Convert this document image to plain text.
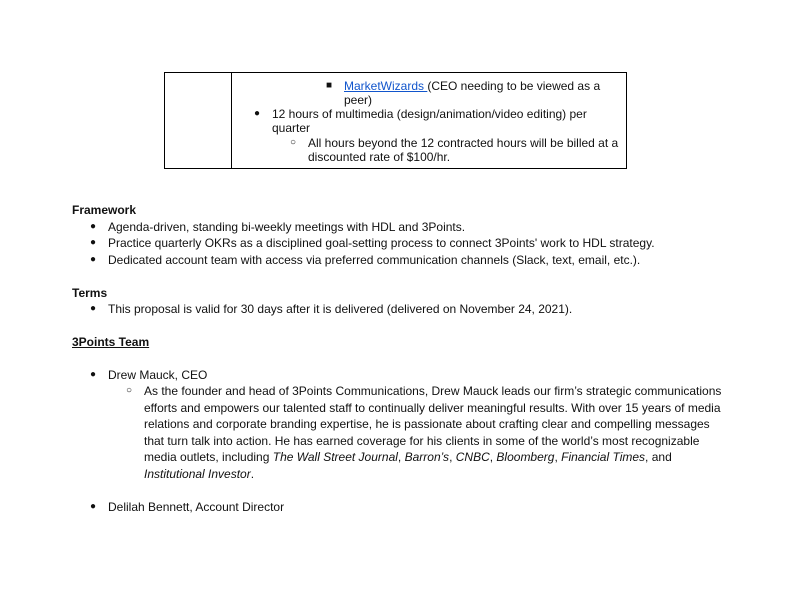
■ MarketWizards (CEO needing to be viewed as a
peer)
● 12 hours of multimedia (design/animation/video editing) per
quarter
○ All hours beyond the 12 contracted hours will be billed at a
discounted rate of $100/hr.
Framework
● Agenda-driven, standing bi-weekly meetings with HDL and 3Points.
● Practice quarterly OKRs as a disciplined goal-setting process to connect 3Points' work to HDL strategy.
● Dedicated account team with access via preferred communication channels (Slack, text, email, etc.).
Terms
● This proposal is valid for 30 days after it is delivered (delivered on November 24, 2021).
3Points Team
● Drew Mauck, CEO
○ As the founder and head of 3Points Communications, Drew Mauck leads our firm’s strategic communications efforts and empowers our talented staff to continually deliver meaningful results. With over 15 years of media relations and corporate branding expertise, he is passionate about crafting clear and compelling messages that turn talk into action. He has earned coverage for his clients in some of the world’s most recognizable media outlets, including The Wall Street Journal, Barron’s, CNBC, Bloomberg, Financial Times, and Institutional Investor.
● Delilah Bennett, Account Director
